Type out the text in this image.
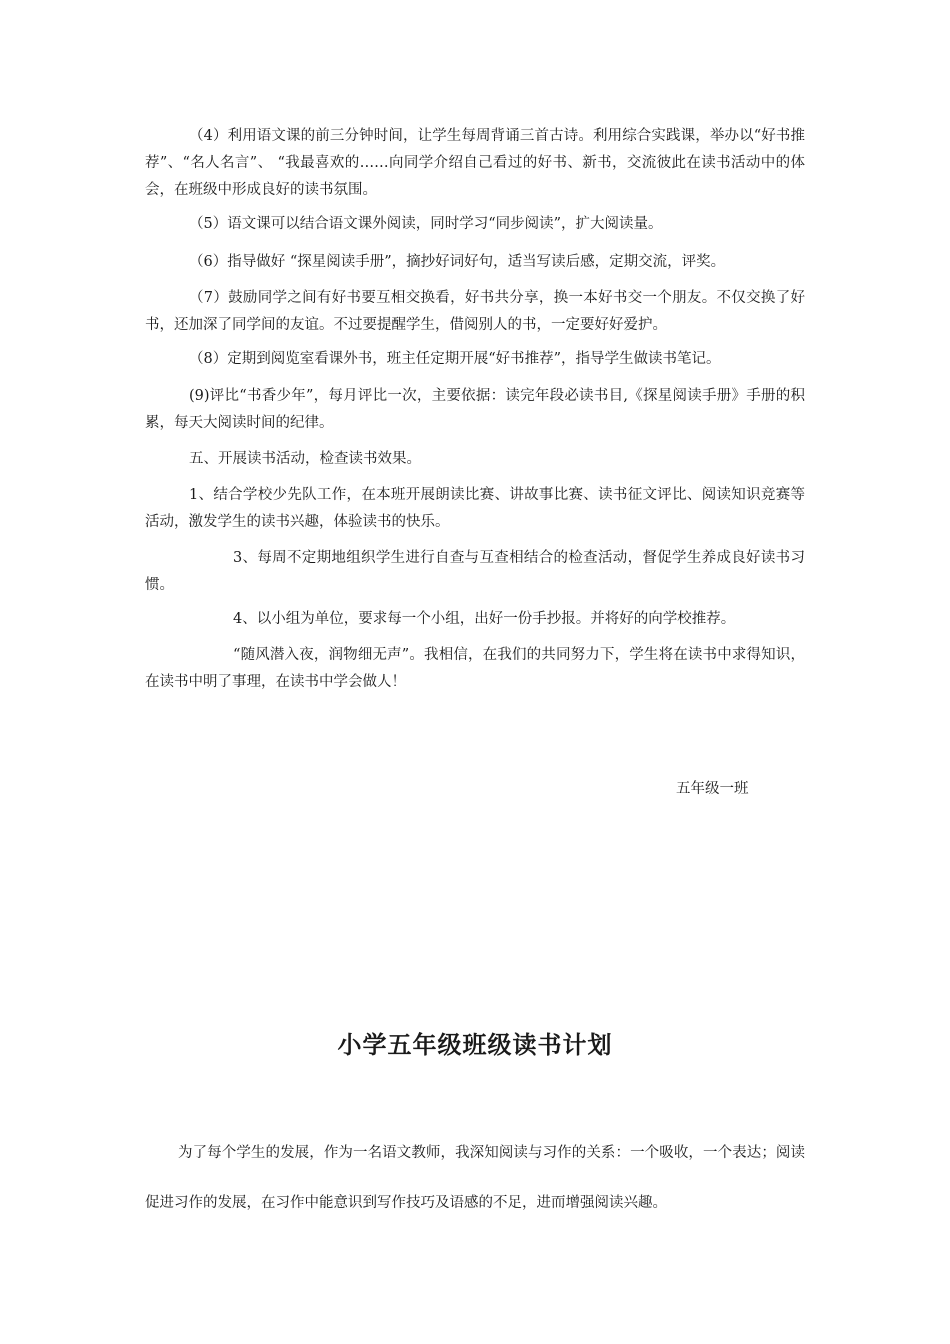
（4）利用语文课的前三分钟时间，让学生每周背诵三首古诗。利用综合实践课，举办以“好书推荐”、“名人名言”、 “我最喜欢的……向同学介绍自己看过的好书、新书，交流彼此在读书活动中的体会，在班级中形成良好的读书氛围。

（5）语文课可以结合语文课外阅读，同时学习“同步阅读”，扩大阅读量。

（6）指导做好 “探星阅读手册”，摘抄好词好句，适当写读后感，定期交流，评奖。

（7）鼓励同学之间有好书要互相交换看，好书共分享，换一本好书交一个朋友。不仅交换了好书，还加深了同学间的友谊。不过要提醒学生，借阅别人的书，一定要好好爱护。

（8）定期到阅览室看课外书，班主任定期开展“好书推荐”，指导学生做读书笔记。

(9)评比“书香少年”，每月评比一次，主要依据：读完年段必读书目,《探星阅读手册》手册的积累，每天大阅读时间的纪律。

五、开展读书活动，检查读书效果。

1、结合学校少先队工作，在本班开展朗读比赛、讲故事比赛、读书征文评比、阅读知识竞赛等活动，激发学生的读书兴趣，体验读书的快乐。

3、每周不定期地组织学生进行自查与互查相结合的检查活动，督促学生养成良好读书习惯。

4、以小组为单位，要求每一个小组，出好一份手抄报。并将好的向学校推荐。

“随风潜入夜，润物细无声”。我相信，在我们的共同努力下，学生将在读书中求得知识，在读书中明了事理，在读书中学会做人！

五年级一班
小学五年级班级读书计划

为了每个学生的发展，作为一名语文教师，我深知阅读与习作的关系：一个吸收，一个表达；阅读促进习作的发展，在习作中能意识到写作技巧及语感的不足，进而增强阅读兴趣。
